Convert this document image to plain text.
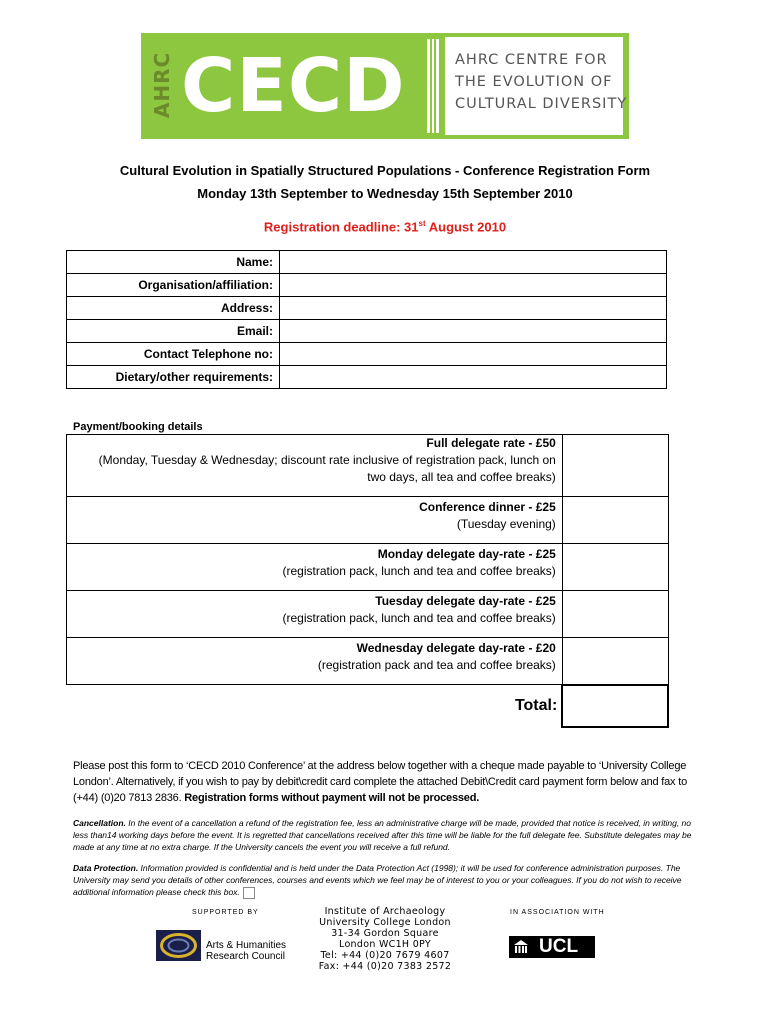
AHRC CECD	AHRC CENTRE FOR
THE EVOLUTION OF
CULTURAL DIVERSITY
Cultural Evolution in Spatially Structured Populations - Conference Registration Form
Monday 13th September to Wednesday 15th September 2010
Registration deadline: 31st August 2010
Name:	
Organisation/affiliation:	
Address:	
Email:	
Contact Telephone no:	
Dietary/other requirements:	
Payment/booking details
Full delegate rate - £50
(Monday, Tuesday & Wednesday; discount rate inclusive of registration pack, lunch on two days, all tea and coffee breaks)	

Conference dinner - £25
(Tuesday evening)	

Monday delegate day-rate - £25
(registration pack, lunch and tea and coffee breaks)	

Tuesday delegate day-rate - £25
(registration pack, lunch and tea and coffee breaks)	

Wednesday delegate day-rate - £20
(registration pack and tea and coffee breaks)	

Total:	
Please post this form to ‘CECD 2010 Conference’ at the address below together with a cheque made payable to ‘University College London’. Alternatively, if you wish to pay by debit\credit card complete the attached Debit\Credit card payment form below and fax to (+44) (0)20 7813 2836. Registration forms without payment will not be processed.
Cancellation. In the event of a cancellation a refund of the registration fee, less an administrative charge will be made, provided that notice is received, in writing, no less than14 working days before the event. It is regretted that cancellations received after this time will be liable for the full delegate fee. Substitute delegates may be made at any time at no extra charge. If the University cancels the event you will receive a full refund.
Data Protection. Information provided is confidential and is held under the Data Protection Act (1998); it will be used for conference administration purposes. The University may send you details of other conferences, courses and events which we feel may be of interest to you or your colleagues. If you do not wish to receive additional information please check this box.
SUPPORTED BY
Arts & Humanities
Research Council
Institute of Archaeology
University College London
31-34 Gordon Square
London WC1H 0PY
Tel: +44 (0)20 7679 4607
Fax: +44 (0)20 7383 2572
IN ASSOCIATION WITH
UCL
